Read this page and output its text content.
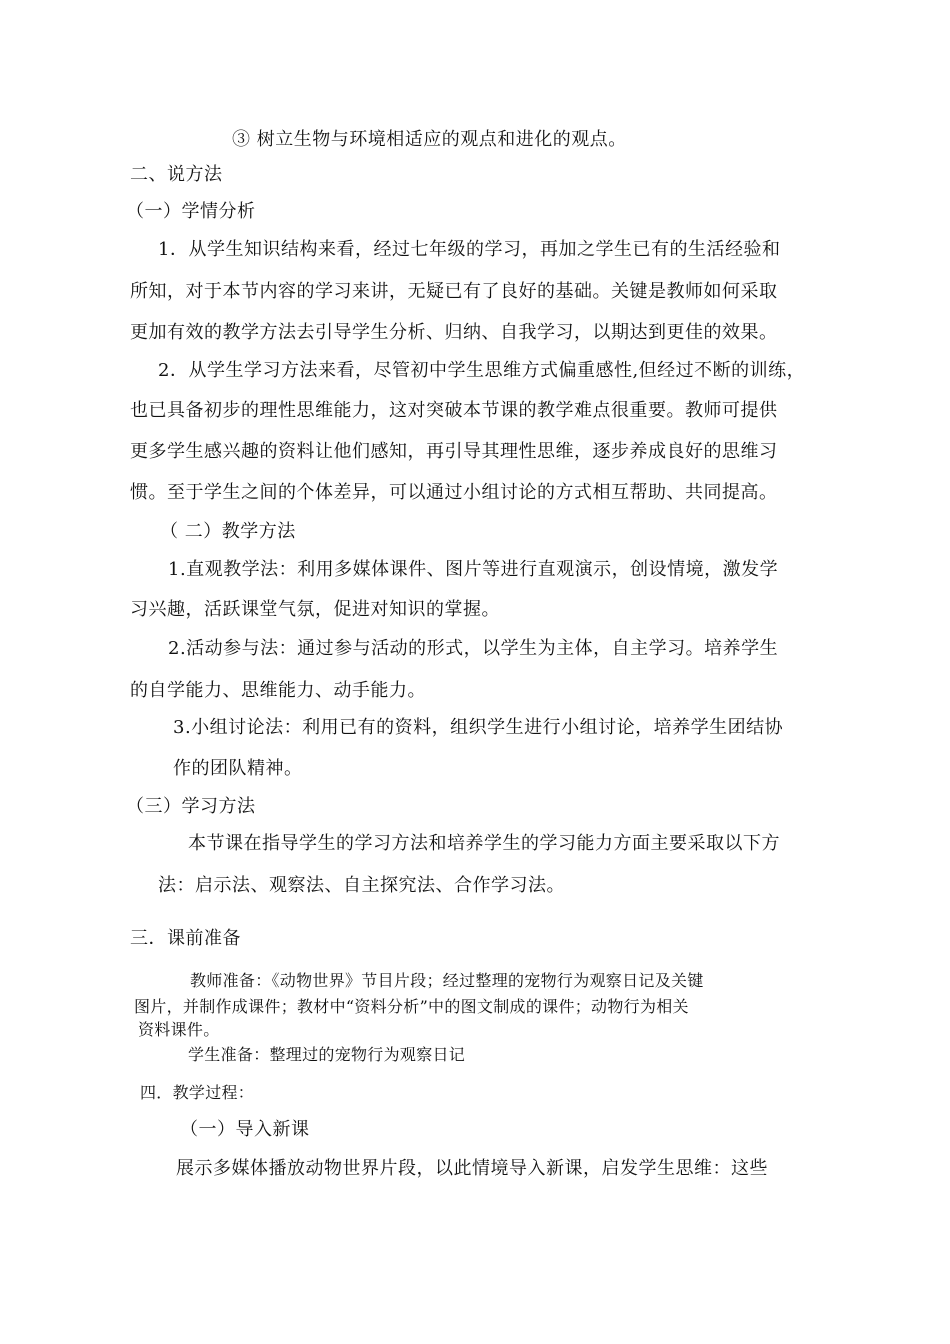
③ 树立生物与环境相适应的观点和进化的观点。
二、说方法
（一）学情分析
1．从学生知识结构来看，经过七年级的学习，再加之学生已有的生活经验和
所知，对于本节内容的学习来讲，无疑已有了良好的基础。关键是教师如何采取
更加有效的教学方法去引导学生分析、归纳、自我学习，以期达到更佳的效果。
2．从学生学习方法来看，尽管初中学生思维方式偏重感性,但经过不断的训练，
也已具备初步的理性思维能力，这对突破本节课的教学难点很重要。教师可提供
更多学生感兴趣的资料让他们感知，再引导其理性思维，逐步养成良好的思维习
惯。至于学生之间的个体差异，可以通过小组讨论的方式相互帮助、共同提高。
（ 二）教学方法
1.直观教学法：利用多媒体课件、图片等进行直观演示，创设情境，激发学
习兴趣，活跃课堂气氛，促进对知识的掌握。
2.活动参与法：通过参与活动的形式，以学生为主体，自主学习。培养学生
的自学能力、思维能力、动手能力。
3.小组讨论法：利用已有的资料，组织学生进行小组讨论，培养学生团结协
作的团队精神。
（三）学习方法
本节课在指导学生的学习方法和培养学生的学习能力方面主要采取以下方
法：启示法、观察法、自主探究法、合作学习法。
三．课前准备
教师准备：《动物世界》节目片段；经过整理的宠物行为观察日记及关键
图片，并制作成课件；教材中“资料分析”中的图文制成的课件；动物行为相关
资料课件。
学生准备：整理过的宠物行为观察日记
四．教学过程：
（一）导入新课
展示多媒体播放动物世界片段，以此情境导入新课，启发学生思维：这些
